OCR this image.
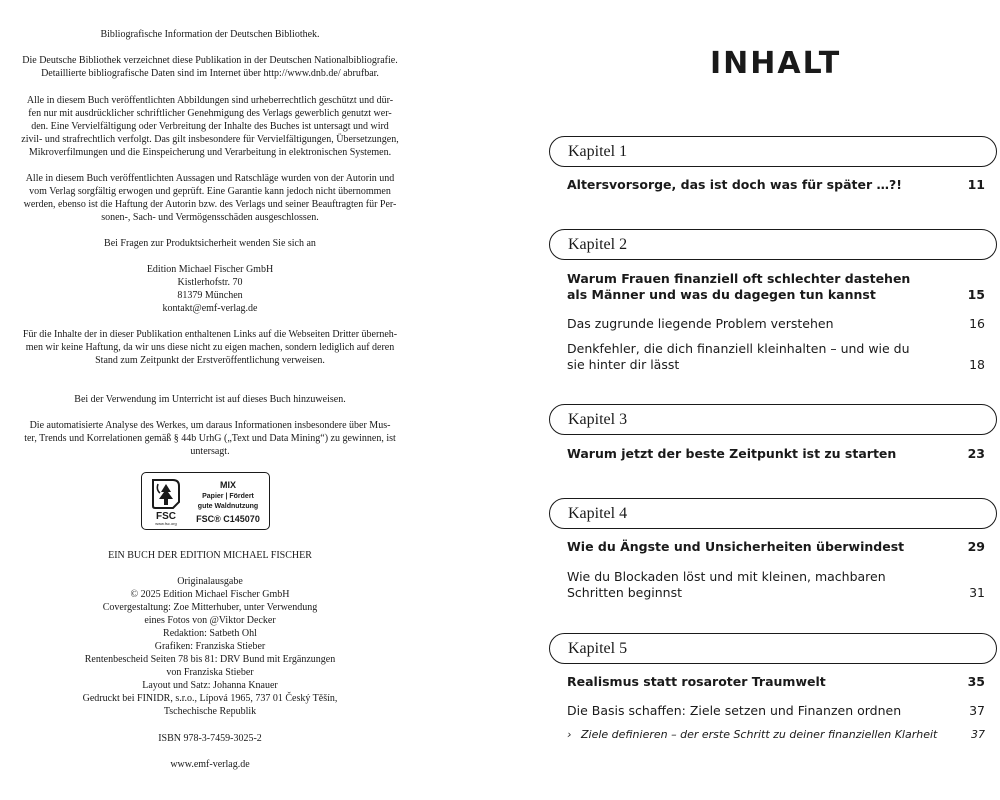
Bibliografische Information der Deutschen Bibliothek.

Die Deutsche Bibliothek verzeichnet diese Publikation in der Deutschen Nationalbibliografie.

Detaillierte bibliografische Daten sind im Internet über http://www.dnb.de/ abrufbar.

Alle in diesem Buch veröffentlichten Abbildungen sind urheberrechtlich geschützt und dür-

fen nur mit ausdrücklicher schriftlicher Genehmigung des Verlags gewerblich genutzt wer-

den. Eine Vervielfältigung oder Verbreitung der Inhalte des Buches ist untersagt und wird

zivil- und strafrechtlich verfolgt. Das gilt insbesondere für Vervielfältigungen, Übersetzungen,

Mikroverfilmungen und die Einspeicherung und Verarbeitung in elektronischen Systemen.

Alle in diesem Buch veröffentlichten Aussagen und Ratschläge wurden von der Autorin und

vom Verlag sorgfältig erwogen und geprüft. Eine Garantie kann jedoch nicht übernommen

werden, ebenso ist die Haftung der Autorin bzw. des Verlags und seiner Beauftragten für Per-

sonen-, Sach- und Vermögensschäden ausgeschlossen.

Bei Fragen zur Produktsicherheit wenden Sie sich an

Edition Michael Fischer GmbH

Kistlerhofstr. 70

81379 München

kontakt@emf-verlag.de

Für die Inhalte der in dieser Publikation enthaltenen Links auf die Webseiten Dritter überneh-

men wir keine Haftung, da wir uns diese nicht zu eigen machen, sondern lediglich auf deren

Stand zum Zeitpunkt der Erstveröffentlichung verweisen.

Bei der Verwendung im Unterricht ist auf dieses Buch hinzuweisen.

Die automatisierte Analyse des Werkes, um daraus Informationen insbesondere über Mus-

ter, Trends und Korrelationen gemäß § 44b UrhG („Text und Data Mining“) zu gewinnen, ist

untersagt.

FSC
www.fsc.org
MIX
Papier | Fördert
gute Waldnutzung
FSC® C145070

EIN BUCH DER EDITION MICHAEL FISCHER

Originalausgabe

© 2025 Edition Michael Fischer GmbH

Covergestaltung: Zoe Mitterhuber, unter Verwendung

eines Fotos von @Viktor Decker

Redaktion: Satbeth Ohl

Grafiken: Franziska Stieber

Rentenbescheid Seiten 78 bis 81: DRV Bund mit Ergänzungen

von Franziska Stieber

Layout und Satz: Johanna Knauer

Gedruckt bei FINIDR, s.r.o., Lípová 1965, 737 01 Český Těšín,

Tschechische Republik

ISBN 978-3-7459-3025-2

www.emf-verlag.de

INHALT
Kapitel 1
Altersvorsorge, das ist doch was für später …?!	11
Kapitel 2
Warum Frauen finanziell oft schlechter dastehen als Männer und was du dagegen tun kannst	15
Das zugrunde liegende Problem verstehen	16
Denkfehler, die dich finanziell kleinhalten – und wie du sie hinter dir lässt	18
Kapitel 3
Warum jetzt der beste Zeitpunkt ist zu starten	23
Kapitel 4
Wie du Ängste und Unsicherheiten überwindest	29
Wie du Blockaden löst und mit kleinen, machbaren Schritten beginnst	31
Kapitel 5
Realismus statt rosaroter Traumwelt	35
Die Basis schaffen: Ziele setzen und Finanzen ordnen	37
› Ziele definieren – der erste Schritt zu deiner finanziellen Klarheit	37
